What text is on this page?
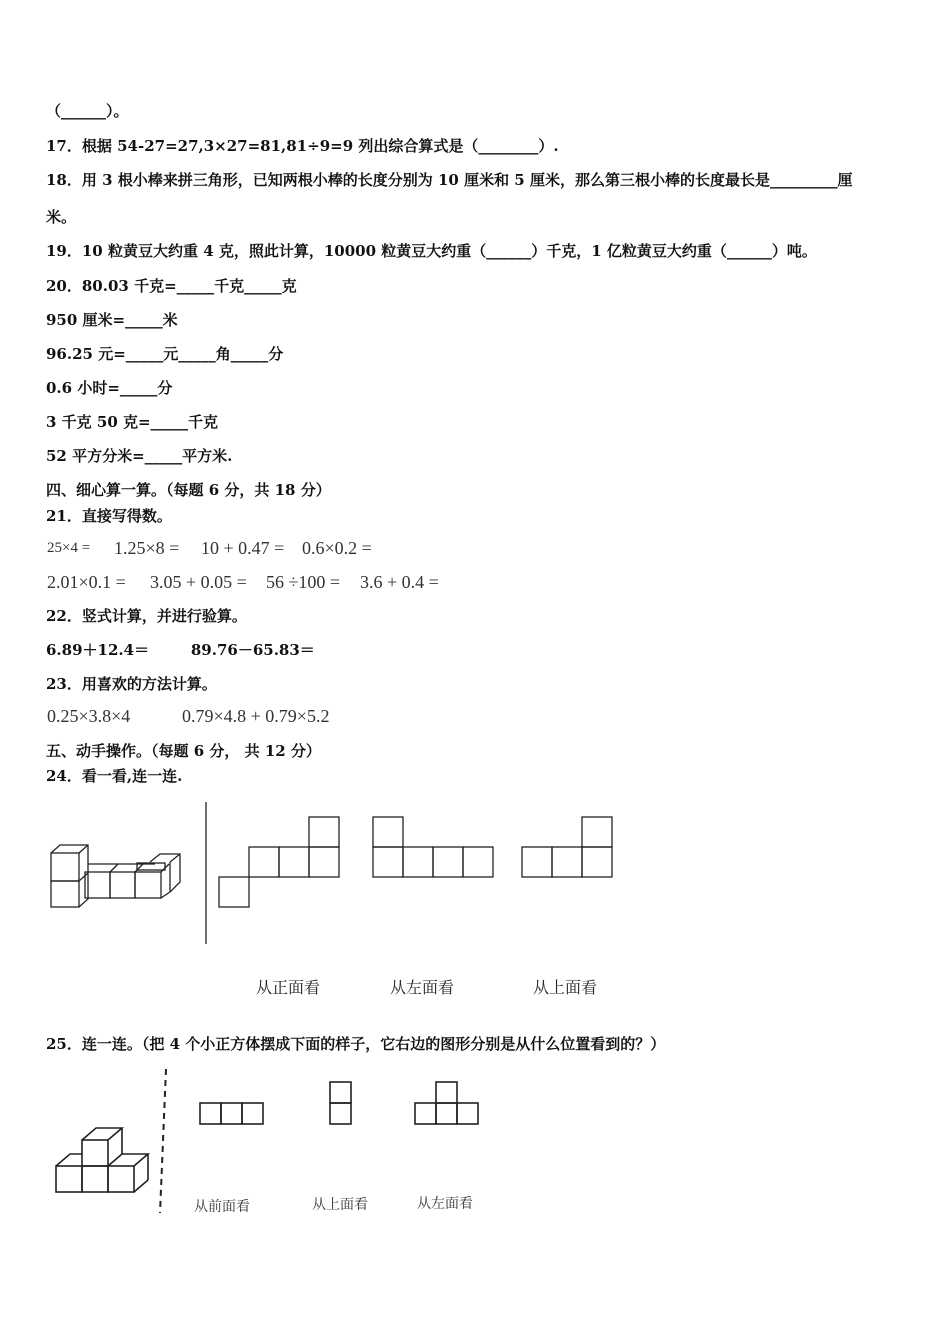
（______）。
17．根据 54-27=27,3×27=81,81÷9=9 列出综合算式是（________）.
18．用 3 根小棒来拼三角形，已知两根小棒的长度分别为 10 厘米和 5 厘米，那么第三根小棒的长度最长是_________厘
米。
19．10 粒黄豆大约重 4 克，照此计算，10000 粒黄豆大约重（______）千克，1 亿粒黄豆大约重（______）吨。
20．80.03 千克=_____千克_____克
950 厘米=_____米
96.25 元=_____元_____角_____分
0.6 小时=_____分
3 千克 50 克=_____千克
52 平方分米=_____平方米.
四、细心算一算。（每题 6 分，共 18 分）
21．直接写得数。
25×4 = 1.25×8 = 10 + 0.47 = 0.6×0.2 =
2.01×0.1 = 3.05 + 0.05 = 56 ÷100 = 3.6 + 0.4 =
22．竖式计算，并进行验算。
6.89＋12.4＝        89.76－65.83＝
23．用喜欢的方法计算。
0.25×3.8×4	0.79×4.8 + 0.79×5.2
五、动手操作。（每题 6 分， 共 12 分）
24．看一看,连一连.
从正面看	从左面看	从上面看
25．连一连。（把 4 个小正方体摆成下面的样子，它右边的图形分别是从什么位置看到的？）
从前面看	从上面看	从左面看
